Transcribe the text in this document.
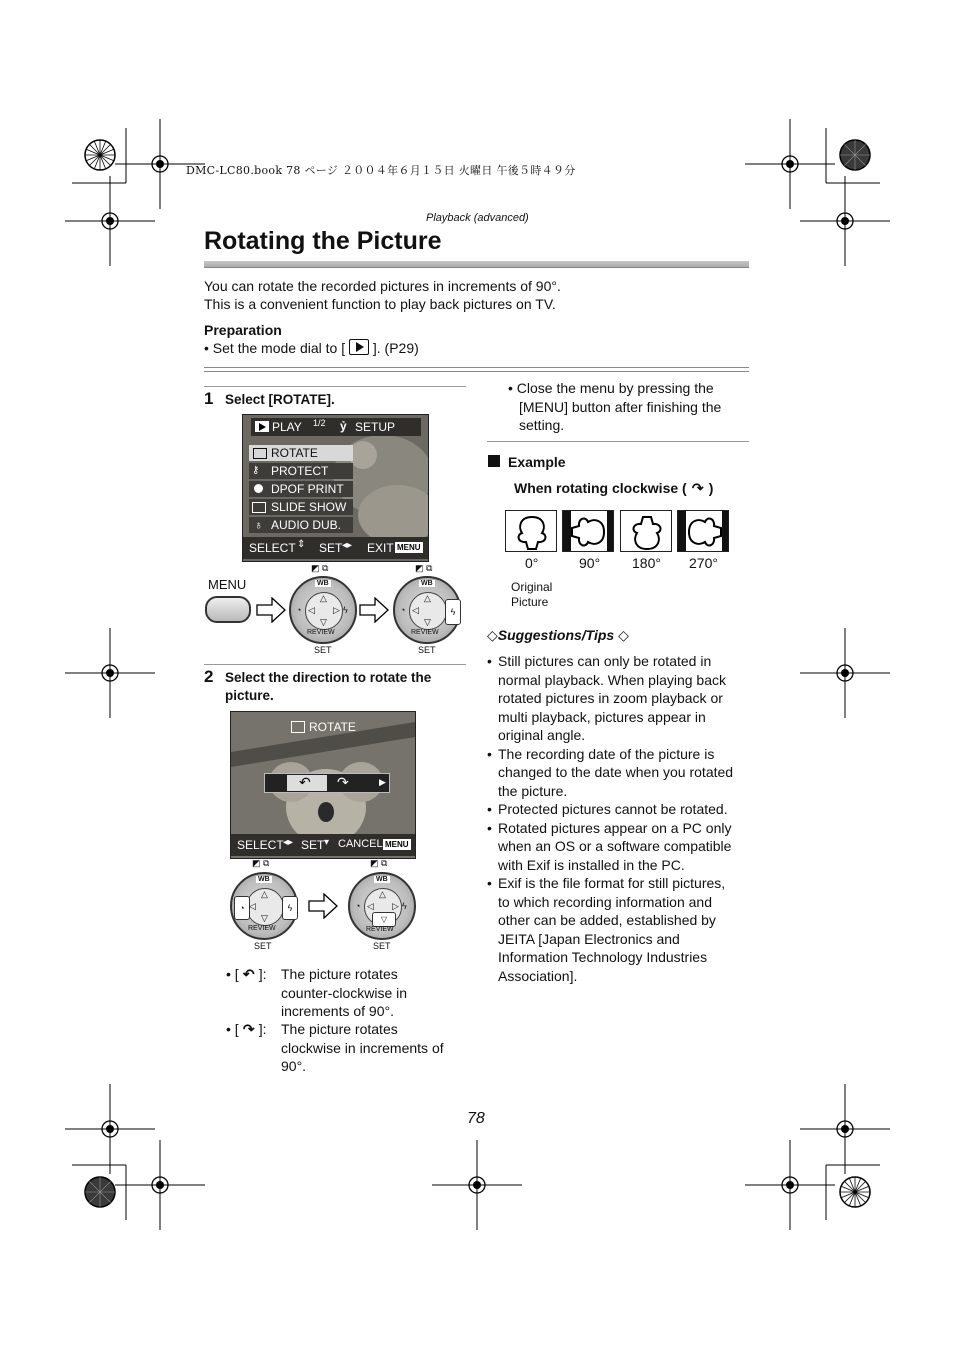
DMC-LC80.book 78 ページ ２００４年６月１５日 火曜日 午後５時４９分
Playback (advanced)
Rotating the Picture
You can rotate the recorded pictures in increments of 90°.
This is a convenient function to play back pictures on TV.
Preparation
• Set the mode dial to [ ]. (P29)
1 Select [ROTATE].
PLAY 1/2 ỷ SETUP
ROTATE
⚷ PROTECT
DPOF PRINT
SLIDE SHOW
♁ AUDIO DUB.
SELECT ⇕ SET ◂▸ EXIT MENU
MENU
◩ ⧉
WB
△
◁ ▷ ϟ
◔
▽
REVIEW
SET
◩ ⧉
WB
△
◁	ϟ
◔
▽
REVIEW
SET
2 Select the direction to rotate the
picture.
ROTATE
↶ ↷	▶
SELECT ◂▸ SET ▾ CANCEL MENU
◩ ⧉
WB
△
◔ ◁	ϟ
▽
REVIEW
SET
◩ ⧉
WB
△
◁ ▷ ϟ
◔
▽
REVIEW
SET
• [ ↶ ]: The picture rotates
counter-clockwise in
increments of 90°.
• [ ↷ ]: The picture rotates
clockwise in increments of
90°.
• Close the menu by pressing the
[MENU] button after finishing the
setting.
Example
When rotating clockwise ( ↷ )
0°	90° 180° 270°
Original
Picture
◇Suggestions/Tips ◇
• Still pictures can only be rotated in
normal playback. When playing back
rotated pictures in zoom playback or
multi playback, pictures appear in
original angle.
• The recording date of the picture is
changed to the date when you rotated
the picture.
• Protected pictures cannot be rotated.
• Rotated pictures appear on a PC only
when an OS or a software compatible
with Exif is installed in the PC.
• Exif is the file format for still pictures,
to which recording information and
other can be added, established by
JEITA [Japan Electronics and
Information Technology Industries
Association].
78
